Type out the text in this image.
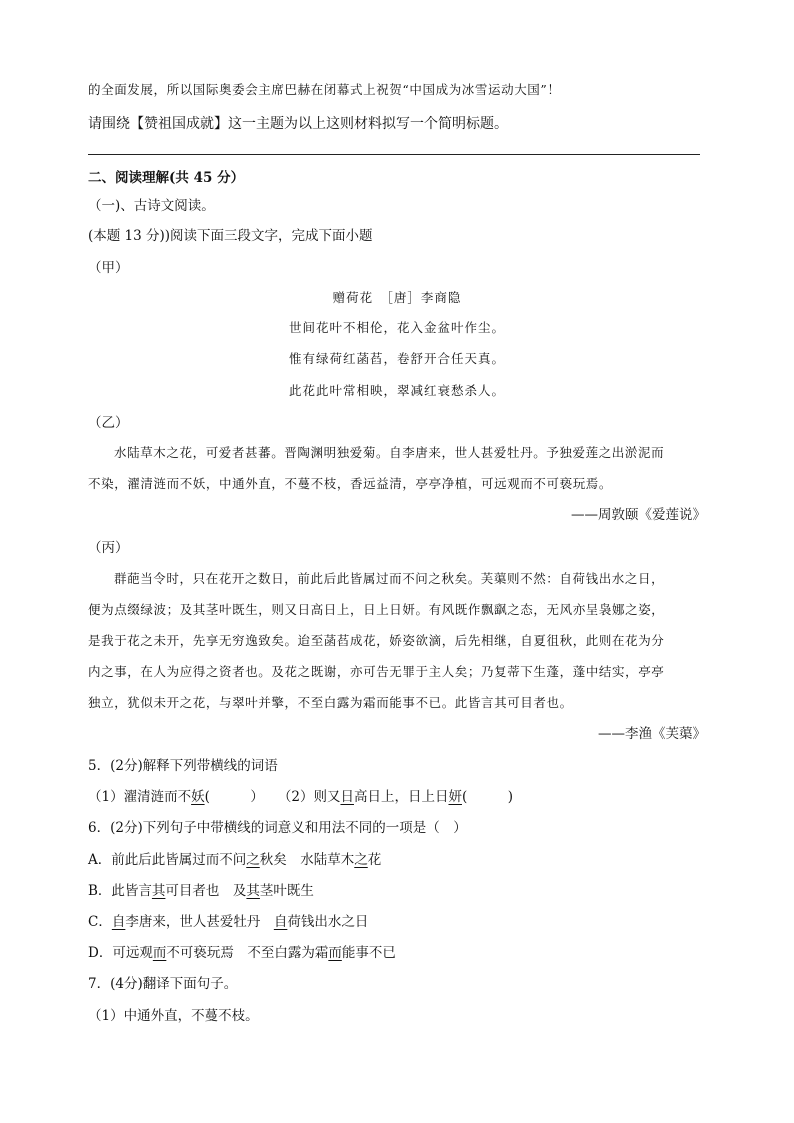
的全面发展，所以国际奥委会主席巴赫在闭幕式上祝贺“中国成为冰雪运动大国”！
请围绕【赞祖国成就】这一主题为以上这则材料拟写一个简明标题。
二、阅读理解(共 45 分）
（一)、古诗文阅读。
(本题 13 分))阅读下面三段文字，完成下面小题
（甲）
赠荷花　［唐］李商隐
世间花叶不相伦，花入金盆叶作尘。
惟有绿荷红菡萏，卷舒开合任天真。
此花此叶常相映，翠减红衰愁杀人。
（乙）
水陆草木之花，可爱者甚蕃。晋陶渊明独爱菊。自李唐来，世人甚爱牡丹。予独爱莲之出淤泥而
不染，濯清涟而不妖，中通外直，不蔓不枝，香远益清，亭亭净植，可远观而不可亵玩焉。
——周敦颐《爱莲说》
（丙）
群葩当令时，只在花开之数日，前此后此皆属过而不问之秋矣。芙蕖则不然：自荷钱出水之日，
便为点缀绿波；及其茎叶既生，则又日高日上，日上日妍。有风既作飘飖之态，无风亦呈袅娜之姿，
是我于花之未开，先享无穷逸致矣。迨至菡萏成花，娇姿欲滴，后先相继，自夏徂秋，此则在花为分
内之事，在人为应得之资者也。及花之既谢，亦可告无罪于主人矣；乃复蒂下生蓬，蓬中结实，亭亭
独立，犹似未开之花，与翠叶并擎，不至白露为霜而能事不已。此皆言其可目者也。
——李渔《芙蕖》
5．(2分)解释下列带横线的词语
（1）濯清涟而不妖(　　　） （2）则又日高日上，日上日妍(　　　)
6．(2分)下列句子中带横线的词意义和用法不同的一项是（　）
A．前此后此皆属过而不问之秋矣　水陆草木之花
B．此皆言其可目者也　及其茎叶既生
C．自李唐来，世人甚爱牡丹　自荷钱出水之日
D．可远观而不可亵玩焉　不至白露为霜而能事不已
7．(4分)翻译下面句子。
（1）中通外直，不蔓不枝。
